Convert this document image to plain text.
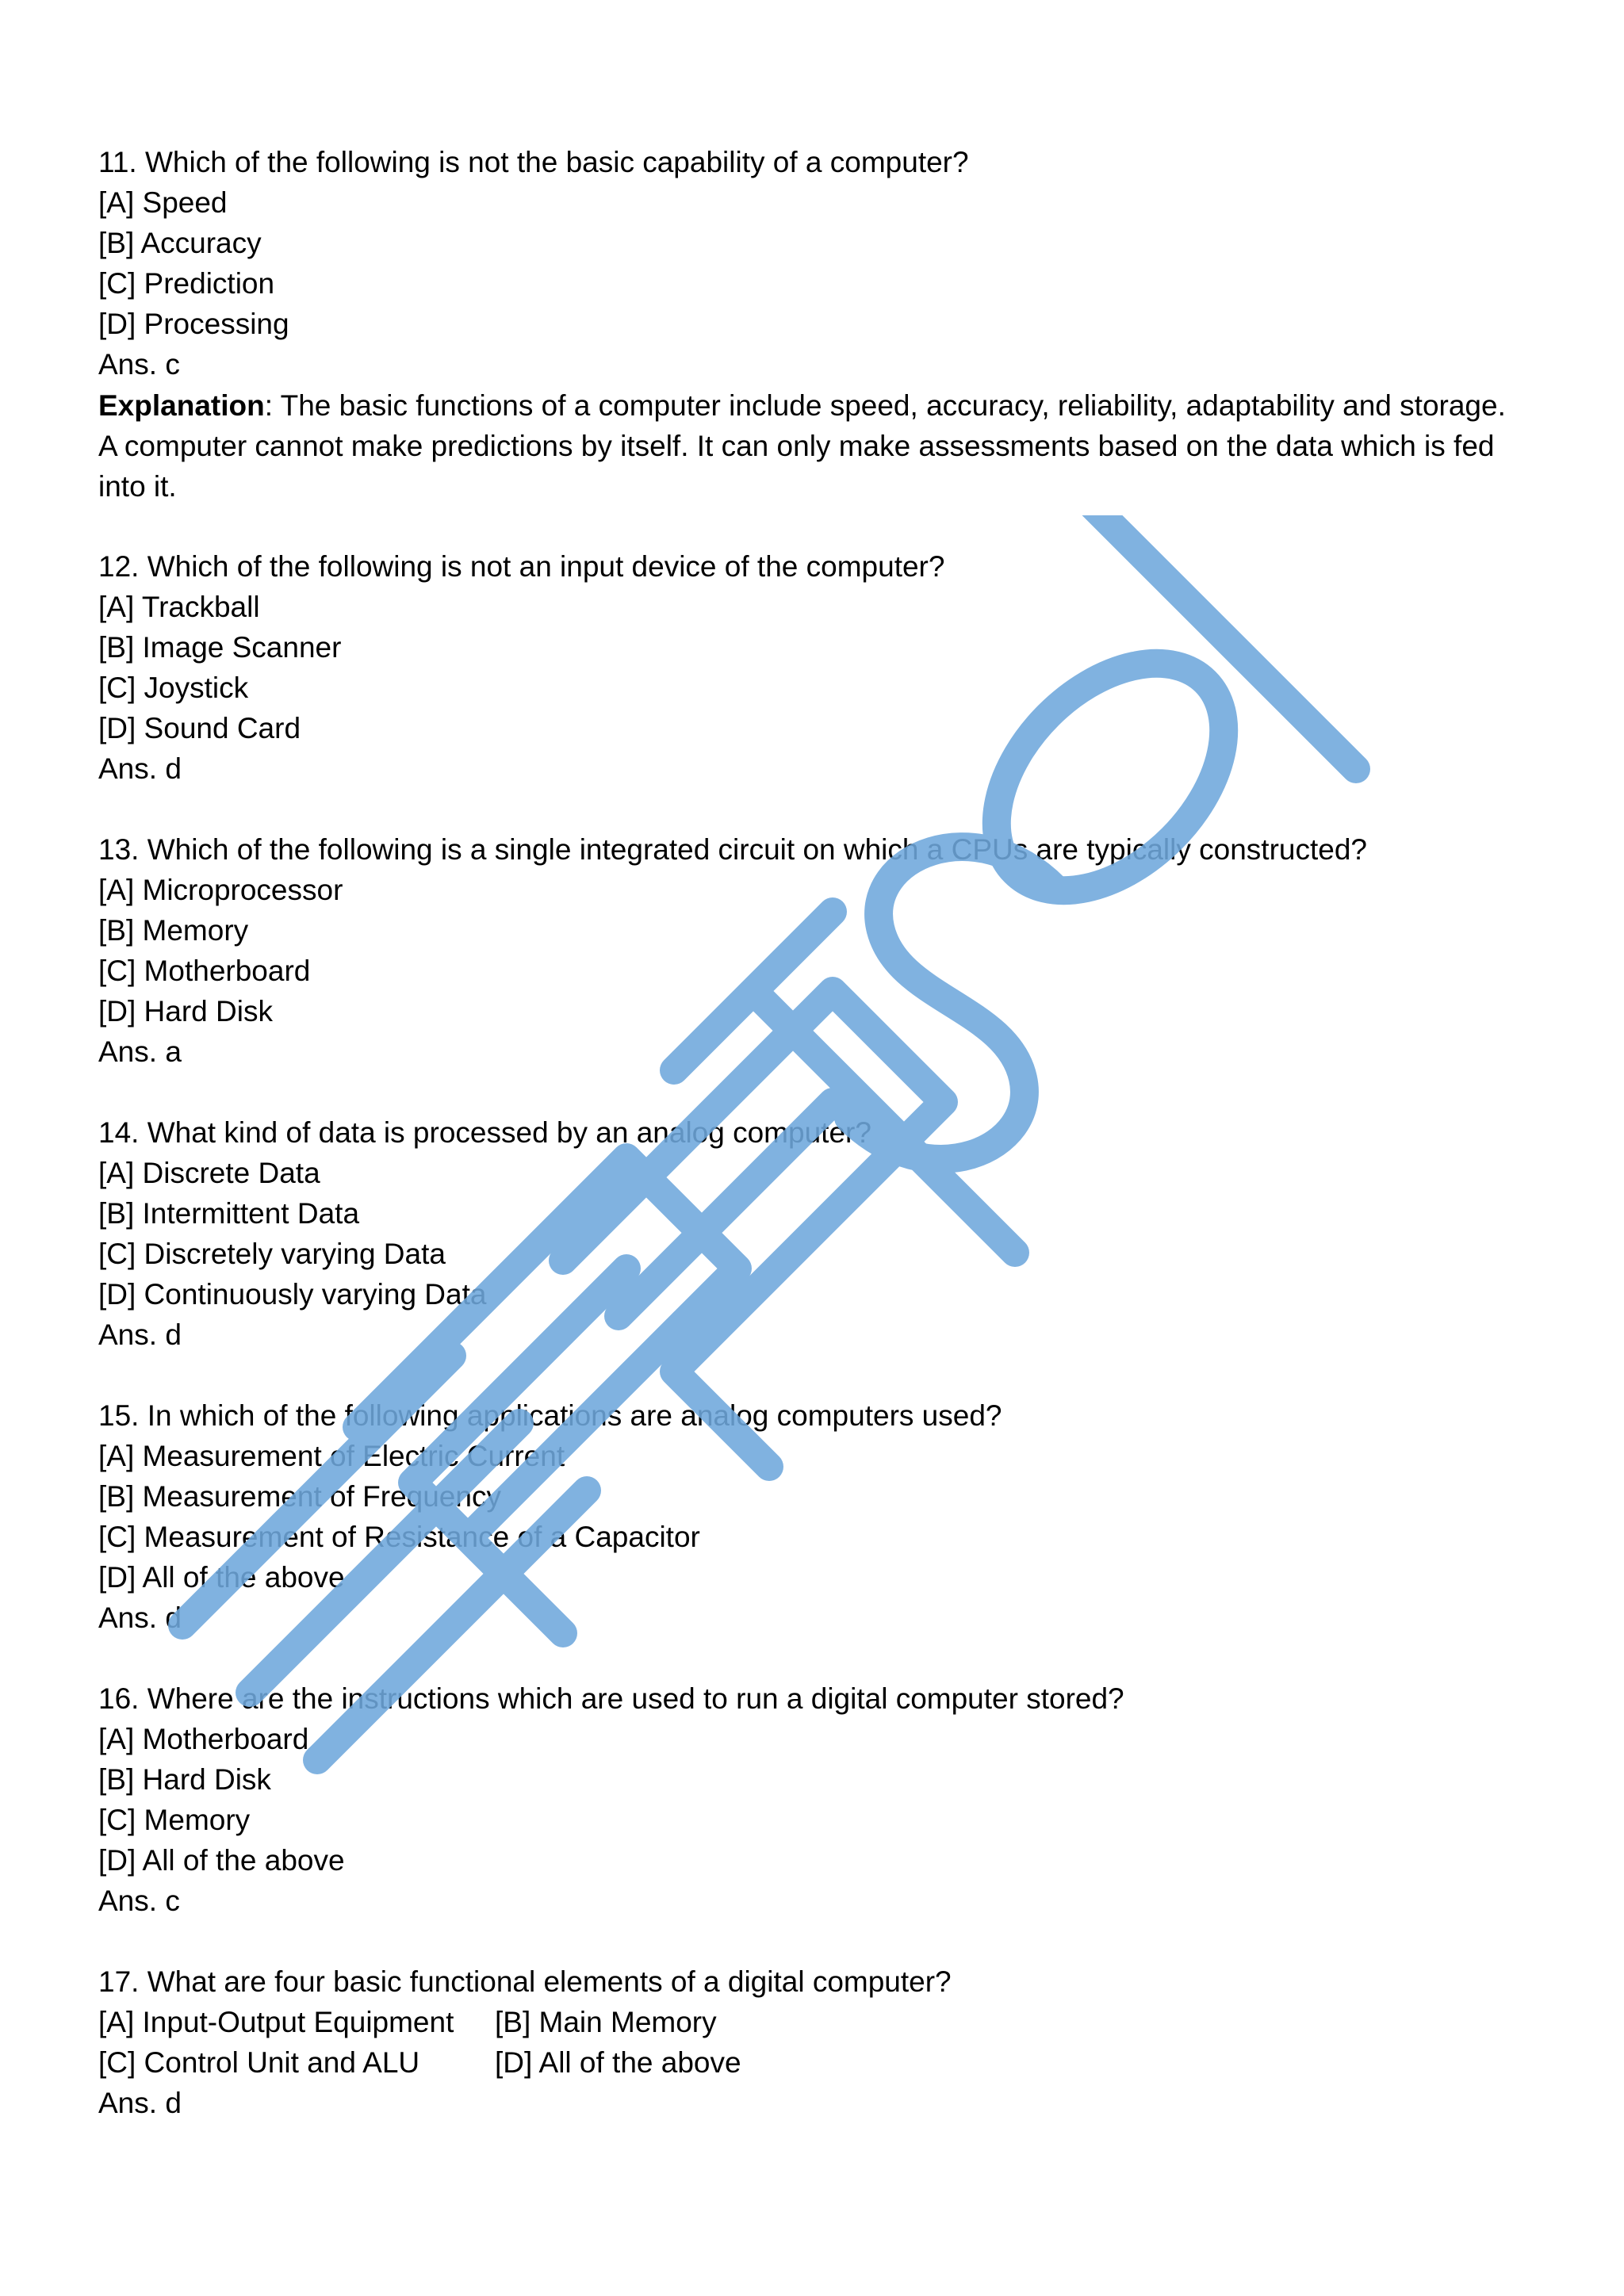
11. Which of the following is not the basic capability of a computer?
[A] Speed
[B] Accuracy
[C] Prediction
[D] Processing
Ans. c
Explanation: The basic functions of a computer include speed, accuracy, reliability, adaptability and storage. A computer cannot make predictions by itself. It can only make assessments based on the data which is fed into it.
12. Which of the following is not an input device of the computer?
[A] Trackball
[B] Image Scanner
[C] Joystick
[D] Sound Card
Ans. d
13. Which of the following is a single integrated circuit on which a CPUs are typically constructed?
[A] Microprocessor
[B] Memory
[C] Motherboard
[D] Hard Disk
Ans. a
14. What kind of data is processed by an analog computer?
[A] Discrete Data
[B] Intermittent Data
[C] Discretely varying Data
[D] Continuously varying Data
Ans. d
15. In which of the following applications are analog computers used?
[A] Measurement of Electric Current
[B] Measurement of Frequency
[C] Measurement of Resistance of a Capacitor
[D] All of the above
Ans. d
16. Where are the instructions which are used to run a digital computer stored?
[A] Motherboard
[B] Hard Disk
[C] Memory
[D] All of the above
Ans. c
17. What are four basic functional elements of a digital computer?
[A] Input-Output Equipment [B] Main Memory
[C] Control Unit and ALU	[D] All of the above
Ans. d
